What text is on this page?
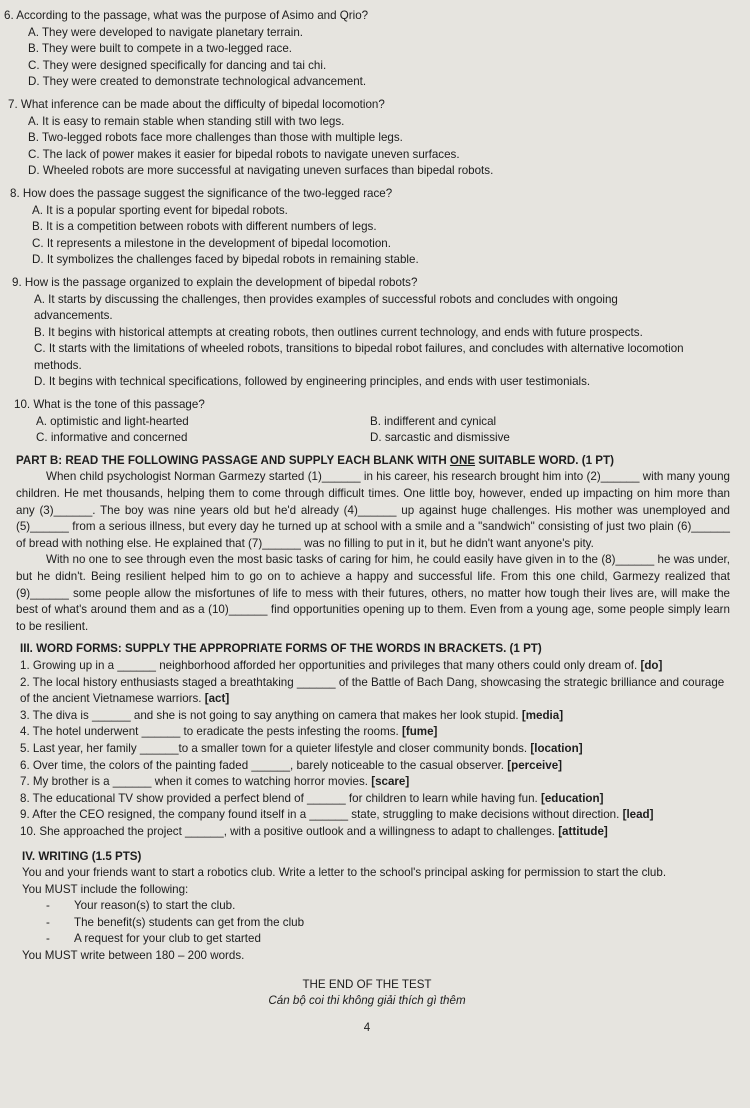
6. According to the passage, what was the purpose of Asimo and Qrio?
A. They were developed to navigate planetary terrain.
B. They were built to compete in a two-legged race.
C. They were designed specifically for dancing and tai chi.
D. They were created to demonstrate technological advancement.
7. What inference can be made about the difficulty of bipedal locomotion?
A. It is easy to remain stable when standing still with two legs.
B. Two-legged robots face more challenges than those with multiple legs.
C. The lack of power makes it easier for bipedal robots to navigate uneven surfaces.
D. Wheeled robots are more successful at navigating uneven surfaces than bipedal robots.
8. How does the passage suggest the significance of the two-legged race?
A. It is a popular sporting event for bipedal robots.
B. It is a competition between robots with different numbers of legs.
C. It represents a milestone in the development of bipedal locomotion.
D. It symbolizes the challenges faced by bipedal robots in remaining stable.
9. How is the passage organized to explain the development of bipedal robots?
A. It starts by discussing the challenges, then provides examples of successful robots and concludes with ongoing advancements.
B. It begins with historical attempts at creating robots, then outlines current technology, and ends with future prospects.
C. It starts with the limitations of wheeled robots, transitions to bipedal robot failures, and concludes with alternative locomotion methods.
D. It begins with technical specifications, followed by engineering principles, and ends with user testimonials.
10. What is the tone of this passage?
A. optimistic and light-hearted	B. indifferent and cynical
C. informative and concerned	D. sarcastic and dismissive
PART B: READ THE FOLLOWING PASSAGE AND SUPPLY EACH BLANK WITH ONE SUITABLE WORD. (1 PT)
When child psychologist Norman Garmezy started (1)______ in his career, his research brought him into (2)______ with many young children. He met thousands, helping them to come through difficult times. One little boy, however, ended up impacting on him more than any (3)______. The boy was nine years old but he'd already (4)______ up against huge challenges. His mother was unemployed and (5)______ from a serious illness, but every day he turned up at school with a smile and a "sandwich" consisting of just two plain (6)______ of bread with nothing else. He explained that (7)______ was no filling to put in it, but he didn't want anyone's pity.
With no one to see through even the most basic tasks of caring for him, he could easily have given in to the (8)______ he was under, but he didn't. Being resilient helped him to go on to achieve a happy and successful life. From this one child, Garmezy realized that (9)______ some people allow the misfortunes of life to mess with their futures, others, no matter how tough their lives are, will make the best of what's around them and as a (10)______ find opportunities opening up to them. Even from a young age, some people simply learn to be resilient.
III. WORD FORMS: SUPPLY THE APPROPRIATE FORMS OF THE WORDS IN BRACKETS. (1 PT)
1. Growing up in a ______ neighborhood afforded her opportunities and privileges that many others could only dream of. [do]
2. The local history enthusiasts staged a breathtaking ______ of the Battle of Bach Dang, showcasing the strategic brilliance and courage of the ancient Vietnamese warriors. [act]
3. The diva is ______ and she is not going to say anything on camera that makes her look stupid. [media]
4. The hotel underwent ______ to eradicate the pests infesting the rooms. [fume]
5. Last year, her family ______to a smaller town for a quieter lifestyle and closer community bonds. [location]
6. Over time, the colors of the painting faded ______, barely noticeable to the casual observer. [perceive]
7. My brother is a ______ when it comes to watching horror movies. [scare]
8. The educational TV show provided a perfect blend of ______ for children to learn while having fun. [education]
9. After the CEO resigned, the company found itself in a ______ state, struggling to make decisions without direction. [lead]
10. She approached the project ______, with a positive outlook and a willingness to adapt to challenges. [attitude]
IV. WRITING (1.5 PTS)
You and your friends want to start a robotics club. Write a letter to the school's principal asking for permission to start the club.
You MUST include the following:
- Your reason(s) to start the club.
- The benefit(s) students can get from the club
- A request for your club to get started
You MUST write between 180 – 200 words.
THE END OF THE TEST
Cán bộ coi thi không giải thích gì thêm
4
